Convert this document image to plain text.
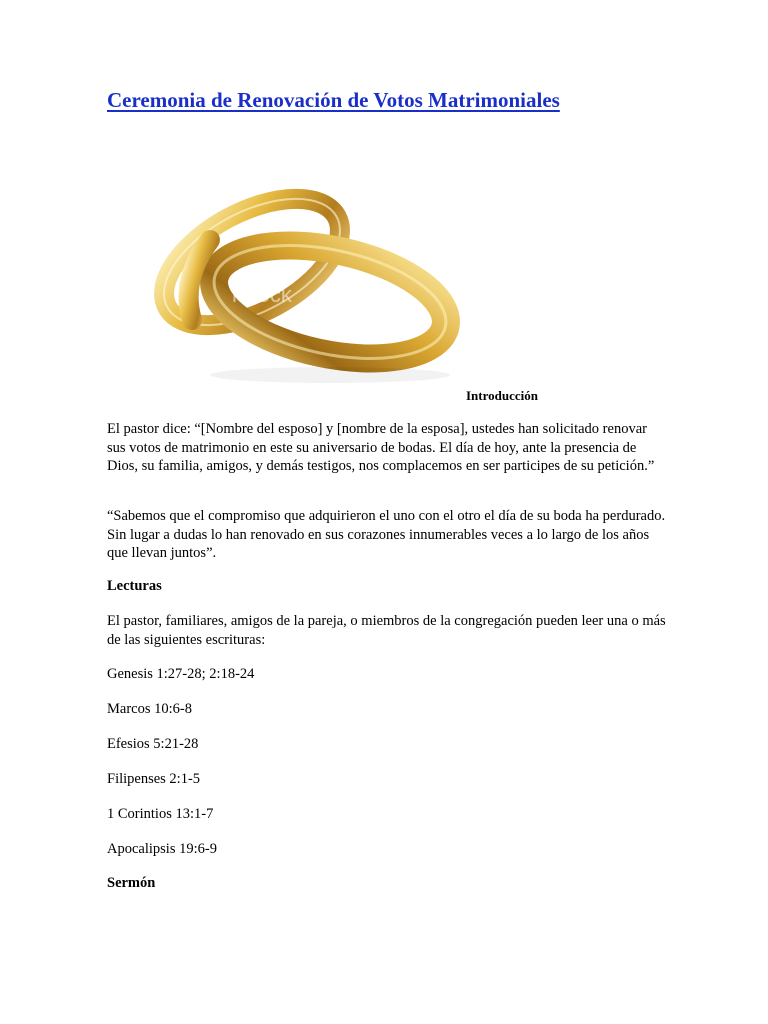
Ceremonia de Renovación de Votos Matrimoniales
iStock

Introducción

El pastor dice: “[Nombre del esposo] y [nombre de la esposa], ustedes han solicitado renovar sus votos de matrimonio en este su aniversario de bodas. El día de hoy, ante la presencia de Dios, su familia, amigos, y demás testigos, nos complacemos en ser participes de su petición.”

“Sabemos que el compromiso que adquirieron el uno con el otro el día de su boda ha perdurado. Sin lugar a dudas lo han renovado en sus corazones innumerables veces a lo largo de los años que llevan juntos”.

Lecturas

El pastor, familiares, amigos de la pareja, o miembros de la congregación pueden leer una o más de las siguientes escrituras:

Genesis 1:27-28; 2:18-24
Marcos 10:6-8
Efesios 5:21-28
Filipenses 2:1-5
1 Corintios 13:1-7
Apocalipsis 19:6-9

Sermón
